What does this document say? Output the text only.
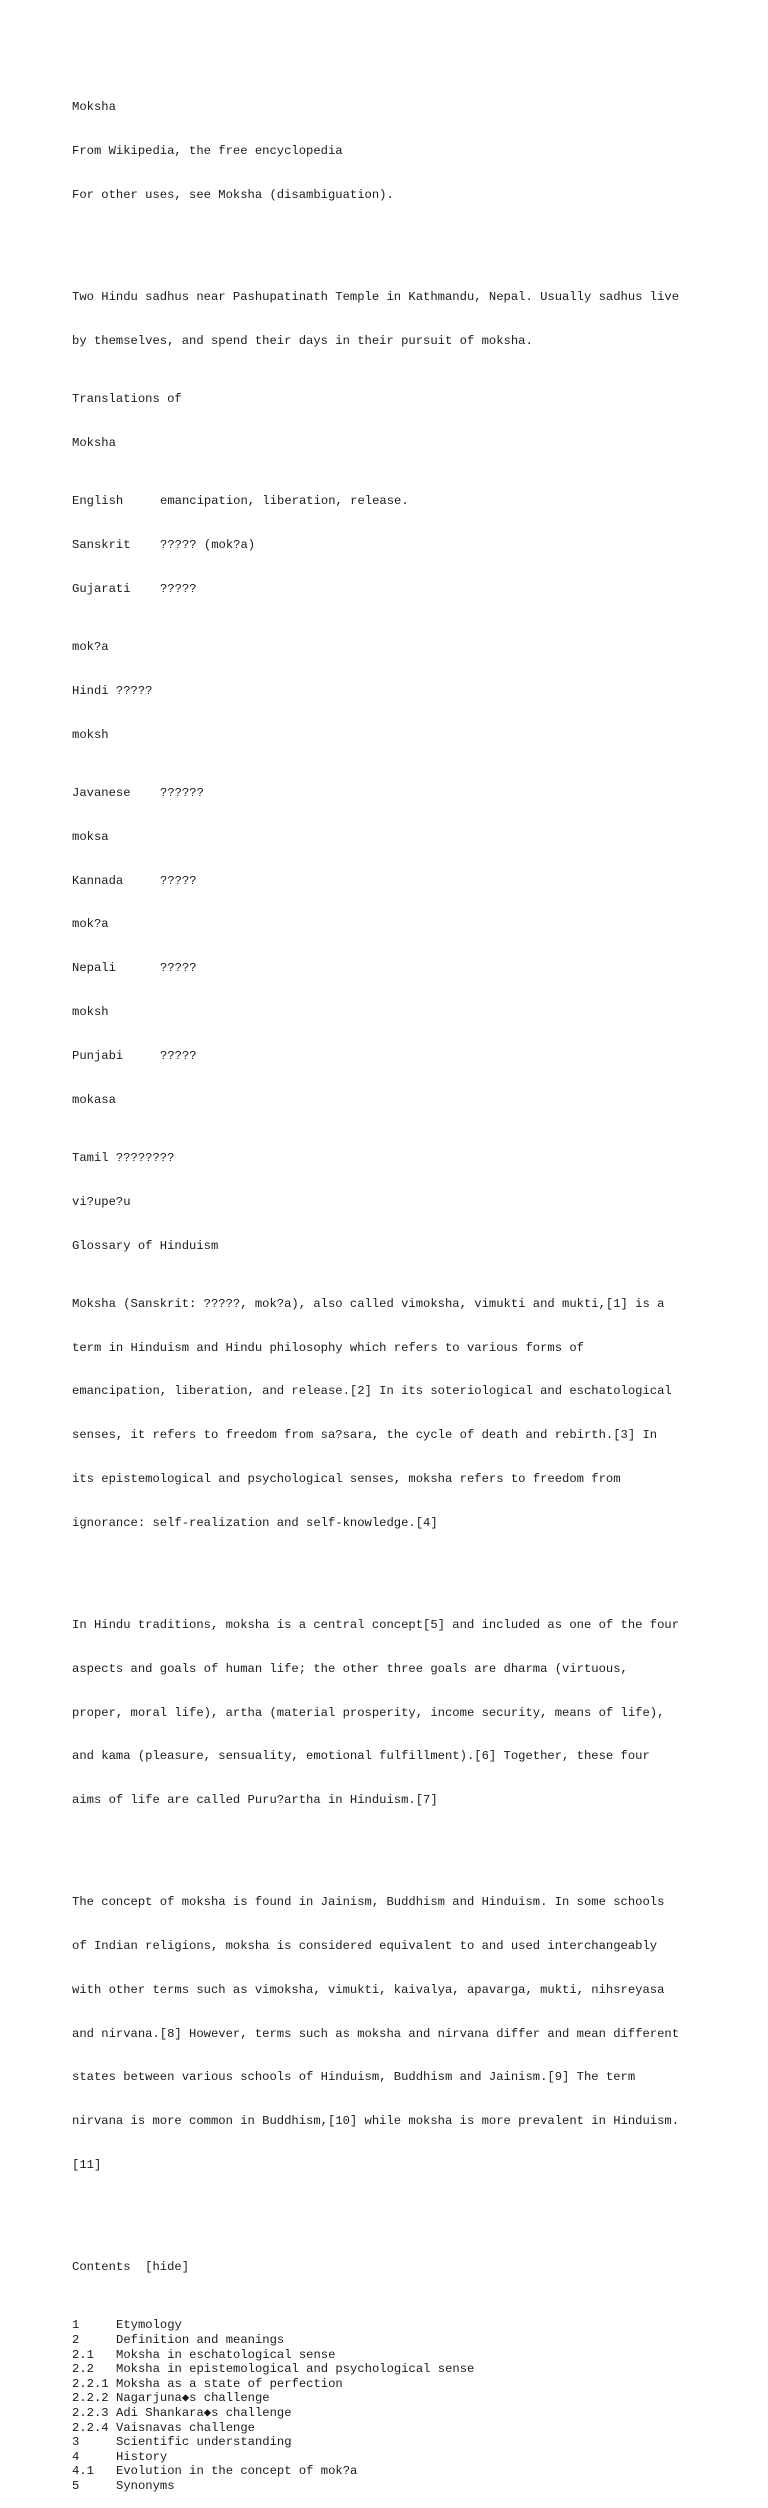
Moksha

From Wikipedia, the free encyclopedia

For other uses, see Moksha (disambiguation).

Two Hindu sadhus near Pashupatinath Temple in Kathmandu, Nepal. Usually sadhus live

by themselves, and spend their days in their pursuit of moksha.

Translations of

Moksha

English	emancipation, liberation, release.

Sanskrit ????? (mok?a)

Gujarati ?????

mok?a

Hindi ?????

moksh

Javanese ??????

moksa

Kannada	?????

mok?a

Nepali	?????

moksh

Punjabi	?????

mokasa

Tamil ????????

vi?upe?u

Glossary of Hinduism

Moksha (Sanskrit: ?????, mok?a), also called vimoksha, vimukti and mukti,[1] is a

term in Hinduism and Hindu philosophy which refers to various forms of

emancipation, liberation, and release.[2] In its soteriological and eschatological

senses, it refers to freedom from sa?sara, the cycle of death and rebirth.[3] In

its epistemological and psychological senses, moksha refers to freedom from

ignorance: self-realization and self-knowledge.[4]

In Hindu traditions, moksha is a central concept[5] and included as one of the four

aspects and goals of human life; the other three goals are dharma (virtuous,

proper, moral life), artha (material prosperity, income security, means of life),

and kama (pleasure, sensuality, emotional fulfillment).[6] Together, these four

aims of life are called Puru?artha in Hinduism.[7]

The concept of moksha is found in Jainism, Buddhism and Hinduism. In some schools

of Indian religions, moksha is considered equivalent to and used interchangeably

with other terms such as vimoksha, vimukti, kaivalya, apavarga, mukti, nihsreyasa

and nirvana.[8] However, terms such as moksha and nirvana differ and mean different

states between various schools of Hinduism, Buddhism and Jainism.[9] The term

nirvana is more common in Buddhism,[10] while moksha is more prevalent in Hinduism.

[11]

Contents [hide]

1	Etymology
2	Definition and meanings
2.1 Moksha in eschatological sense
2.2 Moksha in epistemological and psychological sense
2.2.1 Moksha as a state of perfection
2.2.2 Nagarjuna◆s challenge
2.2.3 Adi Shankara◆s challenge
2.2.4 Vaisnavas challenge
3	Scientific understanding
4	History
4.1 Evolution in the concept of mok?a
5	Synonyms
